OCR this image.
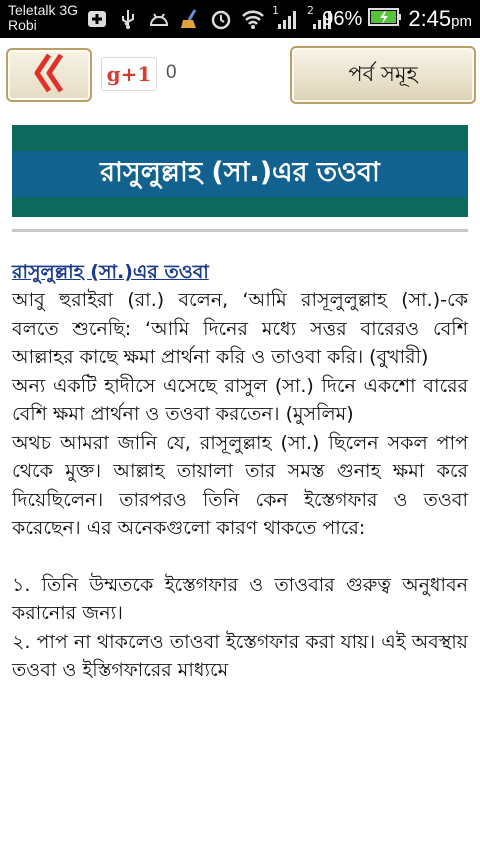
Teletalk 3G
Robi
1	2 96% 2:45pm
g+1 0	পর্ব সমূহ
রাসুলুল্লাহ (সা.)এর তওবা
রাসুলুল্লাহ (সা.)এর তওবা

আবু হুরাইরা (রা.) বলেন, ‘আমি রাসূলুলুল্লাহ (সা.)-কে বলতে শুনেছি: ‘আমি দিনের মধ্যে সত্তর বারেরও বেশি আল্লাহর কাছে ক্ষমা প্রার্থনা করি ও তাওবা করি। (বুখারী)

অন্য একটি হাদীসে এসেছে রাসুল (সা.) দিনে একশো বারের বেশি ক্ষমা প্রার্থনা ও তওবা করতেন। (মুসলিম)

অথচ আমরা জানি যে, রাসূলুল্লাহ (সা.) ছিলেন সকল পাপ থেকে মুক্ত। আল্লাহ তায়ালা তার সমস্ত গুনাহ ক্ষমা করে দিয়েছিলেন। তারপরও তিনি কেন ইস্তেগফার ও তওবা করেছেন। এর অনেকগুলো কারণ থাকতে পারে:

১. তিনি উম্মতকে ইস্তেগফার ও তাওবার গুরুত্ব অনুধাবন করানোর জন্য।

২. পাপ না থাকলেও তাওবা ইস্তেগফার করা যায়। এই অবস্থায় তওবা ও ইস্তিগফারের মাধ্যমে
